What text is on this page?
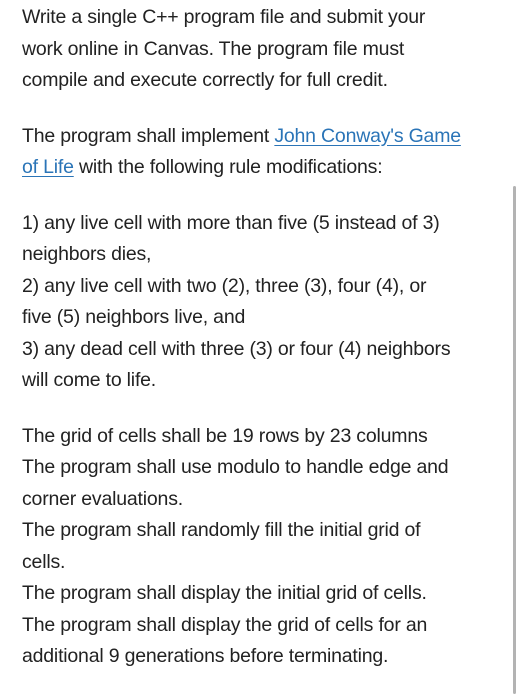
Write a single C++ program file and submit your
work online in Canvas. The program file must
compile and execute correctly for full credit.

The program shall implement John Conway's Game
of Life with the following rule modifications:

1) any live cell with more than five (5 instead of 3)
neighbors dies,
2) any live cell with two (2), three (3), four (4), or
five (5) neighbors live, and
3) any dead cell with three (3) or four (4) neighbors
will come to life.

The grid of cells shall be 19 rows by 23 columns
The program shall use modulo to handle edge and
corner evaluations.
The program shall randomly fill the initial grid of
cells.
The program shall display the initial grid of cells.
The program shall display the grid of cells for an
additional 9 generations before terminating.
